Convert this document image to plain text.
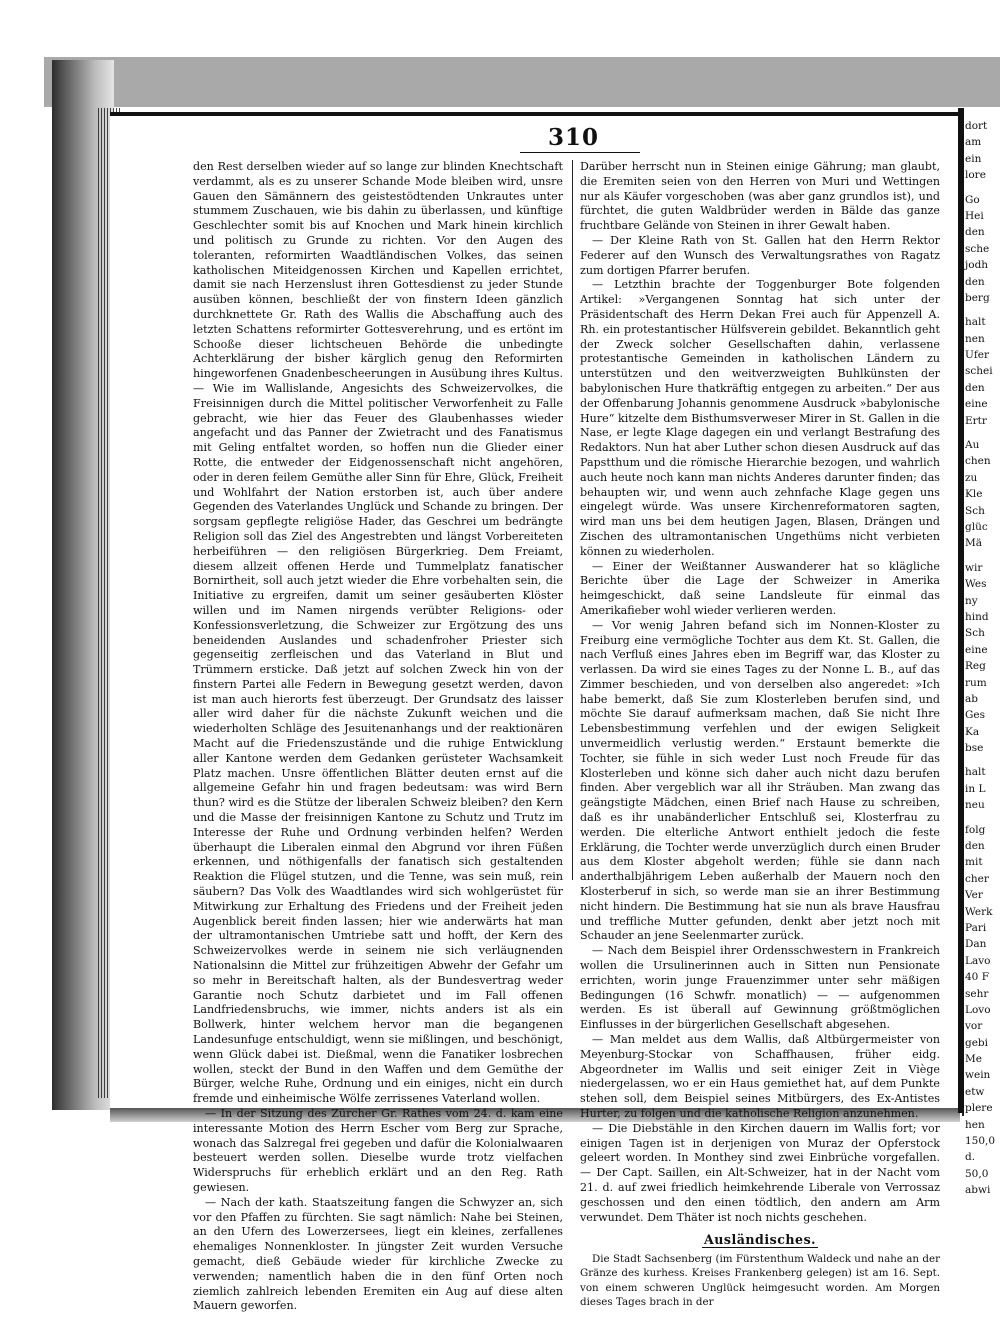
310

den Rest derselben wieder auf so lange zur blinden Knechtschaft verdammt, als es zu unserer Schande Mode bleiben wird, unsre Gauen den Sämännern des geistestödtenden Unkrautes unter stummem Zuschauen, wie bis dahin zu überlassen, und künftige Geschlechter somit bis auf Knochen und Mark hinein kirchlich und politisch zu Grunde zu richten. Vor den Augen des toleranten, reformirten Waadtländischen Volkes, das seinen katholischen Miteidgenossen Kirchen und Kapellen errichtet, damit sie nach Herzenslust ihren Gottesdienst zu jeder Stunde ausüben können, beschließt der von finstern Ideen gänzlich durchknettete Gr. Rath des Wallis die Abschaffung auch des letzten Schattens reformirter Gottesverehrung, und es ertönt im Schooße dieser lichtscheuen Behörde die unbedingte Achterklärung der bisher kärglich genug den Reformirten hingeworfenen Gnadenbescheerungen in Ausübung ihres Kultus. — Wie im Wallislande, Angesichts des Schweizervolkes, die Freisinnigen durch die Mittel politischer Verworfenheit zu Falle gebracht, wie hier das Feuer des Glaubenhasses wieder angefacht und das Panner der Zwietracht und des Fanatismus mit Geling entfaltet worden, so hoffen nun die Glieder einer Rotte, die entweder der Eidgenossenschaft nicht angehören, oder in deren feilem Gemüthe aller Sinn für Ehre, Glück, Freiheit und Wohlfahrt der Nation erstorben ist, auch über andere Gegenden des Vaterlandes Unglück und Schande zu bringen. Der sorgsam gepflegte religiöse Hader, das Geschrei um bedrängte Religion soll das Ziel des Angestrebten und längst Vorbereiteten herbeiführen — den religiösen Bürgerkrieg. Dem Freiamt, diesem allzeit offenen Herde und Tummelplatz fanatischer Bornirtheit, soll auch jetzt wieder die Ehre vorbehalten sein, die Initiative zu ergreifen, damit um seiner gesäuberten Klöster willen und im Namen nirgends verübter Religions- oder Konfessionsverletzung, die Schweizer zur Ergötzung des uns beneidenden Auslandes und schadenfroher Priester sich gegenseitig zerfleischen und das Vaterland in Blut und Trümmern ersticke. Daß jetzt auf solchen Zweck hin von der finstern Partei alle Federn in Bewegung gesetzt werden, davon ist man auch hierorts fest überzeugt. Der Grundsatz des laisser aller wird daher für die nächste Zukunft weichen und die wiederholten Schläge des Jesuitenanhangs und der reaktionären Macht auf die Friedenszustände und die ruhige Entwicklung aller Kantone werden dem Gedanken gerüsteter Wachsamkeit Platz machen. Unsre öffentlichen Blätter deuten ernst auf die allgemeine Gefahr hin und fragen bedeutsam: was wird Bern thun? wird es die Stütze der liberalen Schweiz bleiben? den Kern und die Masse der freisinnigen Kantone zu Schutz und Trutz im Interesse der Ruhe und Ordnung verbinden helfen? Werden überhaupt die Liberalen einmal den Abgrund vor ihren Füßen erkennen, und nöthigenfalls der fanatisch sich gestaltenden Reaktion die Flügel stutzen, und die Tenne, was sein muß, rein säubern? Das Volk des Waadtlandes wird sich wohlgerüstet für Mitwirkung zur Erhaltung des Friedens und der Freiheit jeden Augenblick bereit finden lassen; hier wie anderwärts hat man der ultramontanischen Umtriebe satt und hofft, der Kern des Schweizervolkes werde in seinem nie sich verläugnenden Nationalsinn die Mittel zur frühzeitigen Abwehr der Gefahr um so mehr in Bereitschaft halten, als der Bundesvertrag weder Garantie noch Schutz darbietet und im Fall offenen Landfriedensbruchs, wie immer, nichts anders ist als ein Bollwerk, hinter welchem hervor man die begangenen Landesunfuge entschuldigt, wenn sie mißlingen, und beschönigt, wenn Glück dabei ist. Dießmal, wenn die Fanatiker losbrechen wollen, steckt der Bund in den Waffen und dem Gemüthe der Bürger, welche Ruhe, Ordnung und ein einiges, nicht ein durch fremde und einheimische Wölfe zerrissenes Vaterland wollen.

— In der Sitzung des Zürcher Gr. Rathes vom 24. d. kam eine interessante Motion des Herrn Escher vom Berg zur Sprache, wonach das Salzregal frei gegeben und dafür die Kolonialwaaren besteuert werden sollen. Dieselbe wurde trotz vielfachen Widerspruchs für erheblich erklärt und an den Reg. Rath gewiesen.

— Nach der kath. Staatszeitung fangen die Schwyzer an, sich vor den Pfaffen zu fürchten. Sie sagt nämlich: Nahe bei Steinen, an den Ufern des Lowerzersees, liegt ein kleines, zerfallenes ehemaliges Nonnenkloster. In jüngster Zeit wurden Versuche gemacht, dieß Gebäude wieder für kirchliche Zwecke zu verwenden; namentlich haben die in den fünf Orten noch ziemlich zahlreich lebenden Eremiten ein Aug auf diese alten Mauern geworfen.

Darüber herrscht nun in Steinen einige Gährung; man glaubt, die Eremiten seien von den Herren von Muri und Wettingen nur als Käufer vorgeschoben (was aber ganz grundlos ist), und fürchtet, die guten Waldbrüder werden in Bälde das ganze fruchtbare Gelände von Steinen in ihrer Gewalt haben.

— Der Kleine Rath von St. Gallen hat den Herrn Rektor Federer auf den Wunsch des Verwaltungsrathes von Ragatz zum dortigen Pfarrer berufen.

— Letzthin brachte der Toggenburger Bote folgenden Artikel: »Vergangenen Sonntag hat sich unter der Präsidentschaft des Herrn Dekan Frei auch für Appenzell A. Rh. ein protestantischer Hülfsverein gebildet. Bekanntlich geht der Zweck solcher Gesellschaften dahin, verlassene protestantische Gemeinden in katholischen Ländern zu unterstützen und den weitverzweigten Buhlkünsten der babylonischen Hure thatkräftig entgegen zu arbeiten.“ Der aus der Offenbarung Johannis genommene Ausdruck »babylonische Hure“ kitzelte dem Bisthumsverweser Mirer in St. Gallen in die Nase, er legte Klage dagegen ein und verlangt Bestrafung des Redaktors. Nun hat aber Luther schon diesen Ausdruck auf das Papstthum und die römische Hierarchie bezogen, und wahrlich auch heute noch kann man nichts Anderes darunter finden; das behaupten wir, und wenn auch zehnfache Klage gegen uns eingelegt würde. Was unsere Kirchenreformatoren sagten, wird man uns bei dem heutigen Jagen, Blasen, Drängen und Zischen des ultramontanischen Ungethüms nicht verbieten können zu wiederholen.

— Einer der Weißtanner Auswanderer hat so klägliche Berichte über die Lage der Schweizer in Amerika heimgeschickt, daß seine Landsleute für einmal das Amerikafieber wohl wieder verlieren werden.

— Vor wenig Jahren befand sich im Nonnen-Kloster zu Freiburg eine vermögliche Tochter aus dem Kt. St. Gallen, die nach Verfluß eines Jahres eben im Begriff war, das Kloster zu verlassen. Da wird sie eines Tages zu der Nonne L. B., auf das Zimmer beschieden, und von derselben also angeredet: »Ich habe bemerkt, daß Sie zum Klosterleben berufen sind, und möchte Sie darauf aufmerksam machen, daß Sie nicht Ihre Lebensbestimmung verfehlen und der ewigen Seligkeit unvermeidlich verlustig werden.“ Erstaunt bemerkte die Tochter, sie fühle in sich weder Lust noch Freude für das Klosterleben und könne sich daher auch nicht dazu berufen finden. Aber vergeblich war all ihr Sträuben. Man zwang das geängstigte Mädchen, einen Brief nach Hause zu schreiben, daß es ihr unabänderlicher Entschluß sei, Klosterfrau zu werden. Die elterliche Antwort enthielt jedoch die feste Erklärung, die Tochter werde unverzüglich durch einen Bruder aus dem Kloster abgeholt werden; fühle sie dann nach anderthalbjährigem Leben außerhalb der Mauern noch den Klosterberuf in sich, so werde man sie an ihrer Bestimmung nicht hindern. Die Bestimmung hat sie nun als brave Hausfrau und treffliche Mutter gefunden, denkt aber jetzt noch mit Schauder an jene Seelenmarter zurück.

— Nach dem Beispiel ihrer Ordensschwestern in Frankreich wollen die Ursulinerinnen auch in Sitten nun Pensionate errichten, worin junge Frauenzimmer unter sehr mäßigen Bedingungen (16 Schwfr. monatlich) — — aufgenommen werden. Es ist überall auf Gewinnung größtmöglichen Einflusses in der bürgerlichen Gesellschaft abgesehen.

— Man meldet aus dem Wallis, daß Altbürgermeister von Meyenburg-Stockar von Schaffhausen, früher eidg. Abgeordneter im Wallis und seit einiger Zeit in Viège niedergelassen, wo er ein Haus gemiethet hat, auf dem Punkte stehen soll, dem Beispiel seines Mitbürgers, des Ex-Antistes Hurter, zu folgen und die katholische Religion anzunehmen.

— Die Diebstähle in den Kirchen dauern im Wallis fort; vor einigen Tagen ist in derjenigen von Muraz der Opferstock geleert worden. In Monthey sind zwei Einbrüche vorgefallen. — Der Capt. Saillen, ein Alt-Schweizer, hat in der Nacht vom 21. d. auf zwei friedlich heimkehrende Liberale von Verrossaz geschossen und den einen tödtlich, den andern am Arm verwundet. Dem Thäter ist noch nichts geschehen.

Ausländisches.

Die Stadt Sachsenberg (im Fürstenthum Waldeck und nahe an der Gränze des kurhess. Kreises Frankenberg gelegen) ist am 16. Sept. von einem schweren Unglück heimgesucht worden. Am Morgen dieses Tages brach in der

dort
am
ein
lore
Go
Hei
den
sche
jodh
den
berg
halt
nen
Ufer
schei
den
eine
Ertr
Au
chen
zu
Kle
Sch
glüc
Mä
wir
Wes
ny
hind
Sch
eine
Reg
rum
ab
Ges
Ka
bse
halt
in L
neu
folg
den
mit
cher
Ver
Werk
Pari
Dan
Lavo
40 F
sehr
Lovo
vor
gebi
Me
wein
etw
plere
hen
150,0
d.
50,0
abwi
